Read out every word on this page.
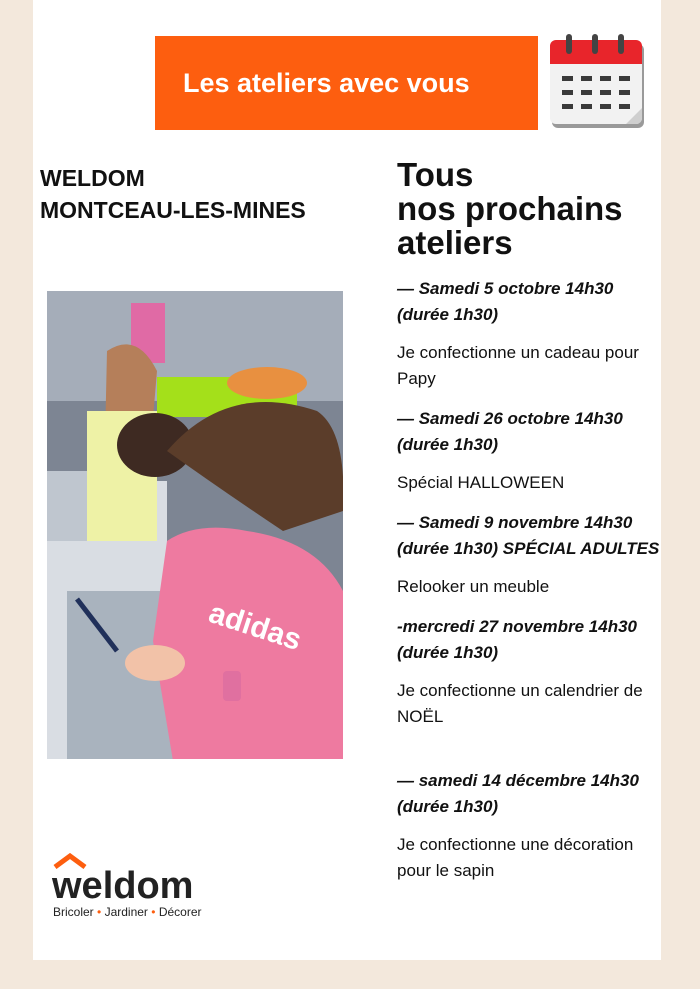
Les ateliers avec vous
WELDOM
MONTCEAU-LES-MINES
adidas
Tous
nos prochains
ateliers
— Samedi 5 octobre 14h30 (durée 1h30)
Je confectionne un cadeau pour Papy
— Samedi 26 octobre 14h30 (durée 1h30)
Spécial HALLOWEEN
— Samedi 9 novembre 14h30 (durée 1h30) SPÉCIAL ADULTES
Relooker un meuble
-mercredi 27 novembre 14h30 (durée 1h30)
Je confectionne un calendrier de NOËL
— samedi 14 décembre 14h30 (durée 1h30)
Je confectionne une décoration pour le sapin
weldom
Bricoler • Jardiner • Décorer
